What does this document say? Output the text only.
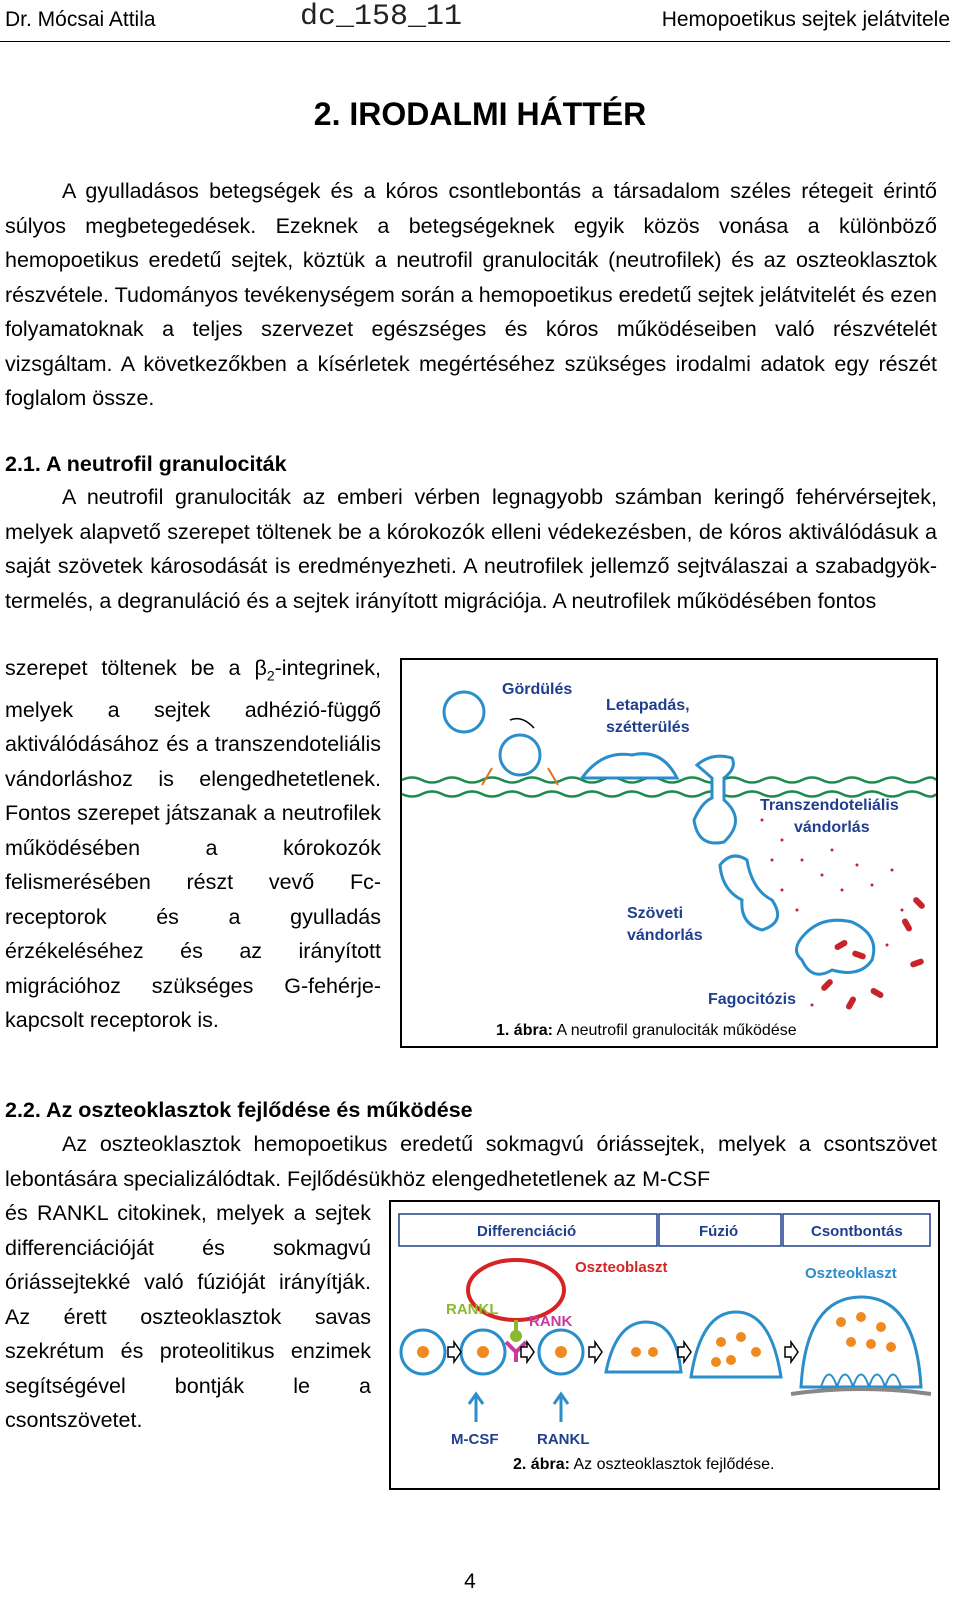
Dr. Mócsai Attila	dc_158_11	Hemopoetikus sejtek jelátvitele
2. IRODALMI HÁTTÉR
A gyulladásos betegségek és a kóros csontlebontás a társadalom széles rétegeit érintő súlyos megbetegedések. Ezeknek a betegségeknek egyik közös vonása a különböző hemopoetikus eredetű sejtek, köztük a neutrofil granulociták (neutrofilek) és az oszteoklasztok részvétele. Tudományos tevékenységem során a hemopoetikus eredetű sejtek jelátvitelét és ezen folyamatoknak a teljes szervezet egészséges és kóros működéseiben való részvételét vizsgáltam. A következőkben a kísérletek megértéséhez szükséges irodalmi adatok egy részét foglalom össze.
2.1. A neutrofil granulociták
A neutrofil granulociták az emberi vérben legnagyobb számban keringő fehérvérsejtek, melyek alapvető szerepet töltenek be a kórokozók elleni védekezésben, de kóros aktiválódásuk a saját szövetek károsodását is eredményezheti. A neutrofilek jellemző sejtválaszai a szabadgyök-termelés, a degranuláció és a sejtek irányított migrációja. A neutrofilek működésében fontos
szerepet töltenek be a $\beta_2$-integrinek, melyek a sejtek adhézió-függő aktiválódásához és a transzendoteliális vándorláshoz is elengedhetetlenek. Fontos szerepet játszanak a neutrofilek működésében a kórokozók felismerésében részt vevő Fc-receptorok és a gyulladás érzékeléséhez és az irányított migrációhoz szükséges G-fehérje-kapcsolt receptorok is.
Gördülés
Letapadás,
szétterülés
Transzendoteliális
vándorlás
Szöveti
vándorlás
Fagocitózis
1. ábra: A neutrofil granulociták működése
2.2. Az oszteoklasztok fejlődése és működése
Az oszteoklasztok hemopoetikus eredetű sokmagvú óriássejtek, melyek a csontszövet lebontására specializálódtak. Fejlődésükhöz elengedhetetlenek az M-CSF
és RANKL citokinek, melyek a sejtek differenciációját és sokmagvú óriássejtekké való fúzióját irányítják. Az érett oszteoklasztok savas szekrétum és proteolitikus enzimek segítségével bontják le a csontszövetet.
Differenciáció	Fúzió	Csontbontás
Oszteoblaszt	Oszteoklaszt
RANKL
RANK
M-CSF	RANKL
2. ábra: Az oszteoklasztok fejlődése.
4
